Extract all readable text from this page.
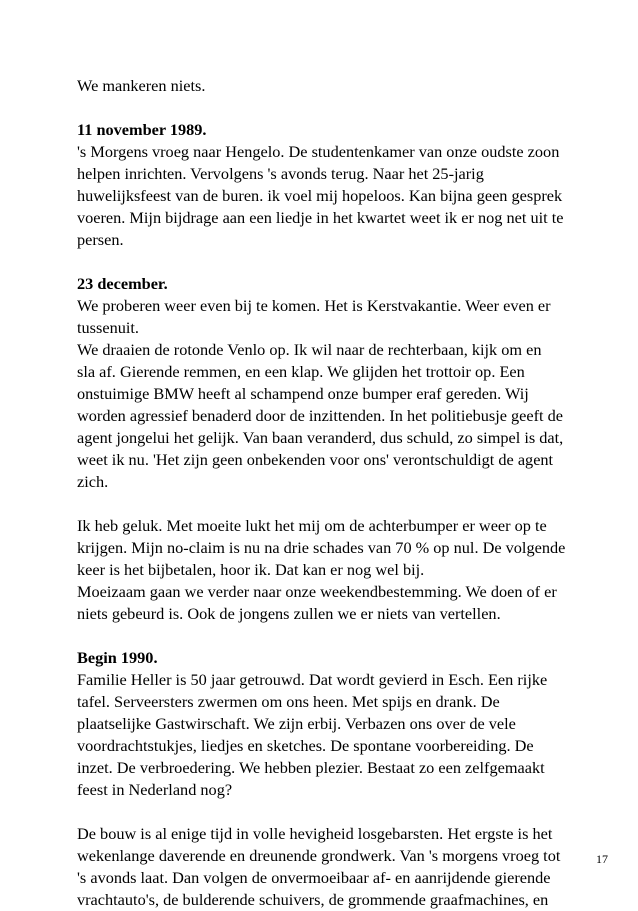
We mankeren niets.
11 november 1989.
's Morgens vroeg naar Hengelo. De studentenkamer van onze oudste zoon
helpen inrichten. Vervolgens 's avonds terug. Naar het 25-jarig
huwelijksfeest van de buren. ik voel mij hopeloos. Kan bijna geen gesprek
voeren. Mijn bijdrage aan een liedje in het kwartet weet ik er nog net uit te
persen.
23 december.
We proberen weer even bij te komen. Het is Kerstvakantie. Weer even er
tussenuit.
We draaien de rotonde Venlo op. Ik wil naar de rechterbaan, kijk om en
sla af. Gierende remmen, en een klap. We glijden het trottoir op. Een
onstuimige BMW heeft al schampend onze bumper eraf gereden. Wij
worden agressief benaderd door de inzittenden. In het politiebusje geeft de
agent jongelui het gelijk. Van baan veranderd, dus schuld, zo simpel is dat,
weet ik nu. 'Het zijn geen onbekenden voor ons' verontschuldigt de agent
zich.
Ik heb geluk. Met moeite lukt het mij om de achterbumper er weer op te
krijgen. Mijn no-claim is nu na drie schades van 70 % op nul. De volgende
keer is het bijbetalen, hoor ik. Dat kan er nog wel bij.
Moeizaam gaan we verder naar onze weekendbestemming. We doen of er
niets gebeurd is. Ook de jongens zullen we er niets van vertellen.
Begin 1990.
Familie Heller is 50 jaar getrouwd. Dat wordt gevierd in Esch. Een rijke
tafel. Serveersters zwermen om ons heen. Met spijs en drank. De
plaatselijke Gastwirschaft. We zijn erbij. Verbazen ons over de vele
voordrachtstukjes, liedjes en sketches. De spontane voorbereiding. De
inzet. De verbroedering. We hebben plezier. Bestaat zo een zelfgemaakt
feest in Nederland nog?
De bouw is al enige tijd in volle hevigheid losgebarsten. Het ergste is het
wekenlange daverende en dreunende grondwerk. Van 's morgens vroeg tot
's avonds laat. Dan volgen de onvermoeibaar af- en aanrijdende gierende
vrachtauto's, de bulderende schuivers, de grommende graafmachines, en
17
